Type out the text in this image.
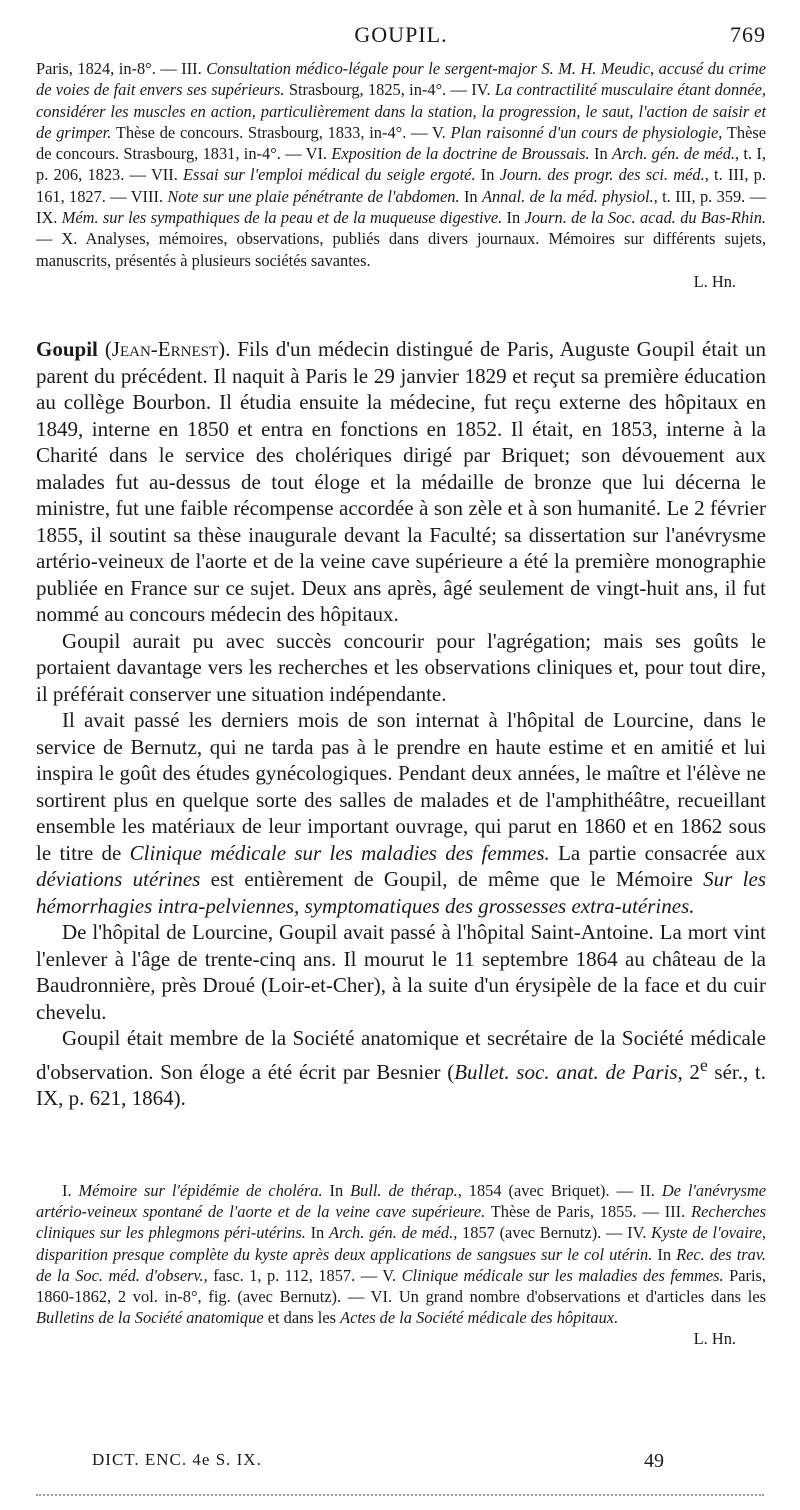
GOUPIL.	769

Paris, 1824, in-8°. — III. Consultation médico-légale pour le sergent-major S. M. H. Meudic, accusé du crime de voies de fait envers ses supérieurs. Strasbourg, 1825, in-4°. — IV. La contractilité musculaire étant donnée, considérer les muscles en action, particulièrement dans la station, la progression, le saut, l'action de saisir et de grimper. Thèse de concours. Strasbourg, 1833, in-4°. — V. Plan raisonné d'un cours de physiologie, Thèse de concours. Strasbourg, 1831, in-4°. — VI. Exposition de la doctrine de Broussais. In Arch. gén. de méd., t. I, p. 206, 1823. — VII. Essai sur l'emploi médical du seigle ergoté. In Journ. des progr. des sci. méd., t. III, p. 161, 1827. — VIII. Note sur une plaie pénétrante de l'abdomen. In Annal. de la méd. physiol., t. III, p. 359. — IX. Mém. sur les sympathiques de la peau et de la muqueuse digestive. In Journ. de la Soc. acad. du Bas-Rhin. — X. Analyses, mémoires, observations, publiés dans divers journaux. Mémoires sur différents sujets, manuscrits, présentés à plusieurs sociétés savantes.

L. Hn.

Goupil (Jean-Ernest). Fils d'un médecin distingué de Paris, Auguste Goupil était un parent du précédent. Il naquit à Paris le 29 janvier 1829 et reçut sa première éducation au collège Bourbon. Il étudia ensuite la médecine, fut reçu externe des hôpitaux en 1849, interne en 1850 et entra en fonctions en 1852. Il était, en 1853, interne à la Charité dans le service des cholériques dirigé par Briquet; son dévouement aux malades fut au-dessus de tout éloge et la médaille de bronze que lui décerna le ministre, fut une faible récompense accordée à son zèle et à son humanité. Le 2 février 1855, il soutint sa thèse inaugurale devant la Faculté; sa dissertation sur l'anévrysme artério-veineux de l'aorte et de la veine cave supérieure a été la première monographie publiée en France sur ce sujet. Deux ans après, âgé seulement de vingt-huit ans, il fut nommé au concours médecin des hôpitaux.

Goupil aurait pu avec succès concourir pour l'agrégation; mais ses goûts le portaient davantage vers les recherches et les observations cliniques et, pour tout dire, il préférait conserver une situation indépendante.

Il avait passé les derniers mois de son internat à l'hôpital de Lourcine, dans le service de Bernutz, qui ne tarda pas à le prendre en haute estime et en amitié et lui inspira le goût des études gynécologiques. Pendant deux années, le maître et l'élève ne sortirent plus en quelque sorte des salles de malades et de l'amphithéâtre, recueillant ensemble les matériaux de leur important ouvrage, qui parut en 1860 et en 1862 sous le titre de Clinique médicale sur les maladies des femmes. La partie consacrée aux déviations utérines est entièrement de Goupil, de même que le Mémoire Sur les hémorrhagies intra-pelviennes, symptomatiques des grossesses extra-utérines.

De l'hôpital de Lourcine, Goupil avait passé à l'hôpital Saint-Antoine. La mort vint l'enlever à l'âge de trente-cinq ans. Il mourut le 11 septembre 1864 au château de la Baudronnière, près Droué (Loir-et-Cher), à la suite d'un érysipèle de la face et du cuir chevelu.

Goupil était membre de la Société anatomique et secrétaire de la Société médicale d'observation. Son éloge a été écrit par Besnier (Bullet. soc. anat. de Paris, 2e sér., t. IX, p. 621, 1864).

I. Mémoire sur l'épidémie de choléra. In Bull. de thérap., 1854 (avec Briquet). — II. De l'anévrysme artério-veineux spontané de l'aorte et de la veine cave supérieure. Thèse de Paris, 1855. — III. Recherches cliniques sur les phlegmons péri-utérins. In Arch. gén. de méd., 1857 (avec Bernutz). — IV. Kyste de l'ovaire, disparition presque complète du kyste après deux applications de sangsues sur le col utérin. In Rec. des trav. de la Soc. méd. d'observ., fasc. 1, p. 112, 1857. — V. Clinique médicale sur les maladies des femmes. Paris, 1860-1862, 2 vol. in-8°, fig. (avec Bernutz). — VI. Un grand nombre d'observations et d'articles dans les Bulletins de la Société anatomique et dans les Actes de la Société médicale des hôpitaux.

L. Hn.

DICT. ENC. 4e S. IX.	49
